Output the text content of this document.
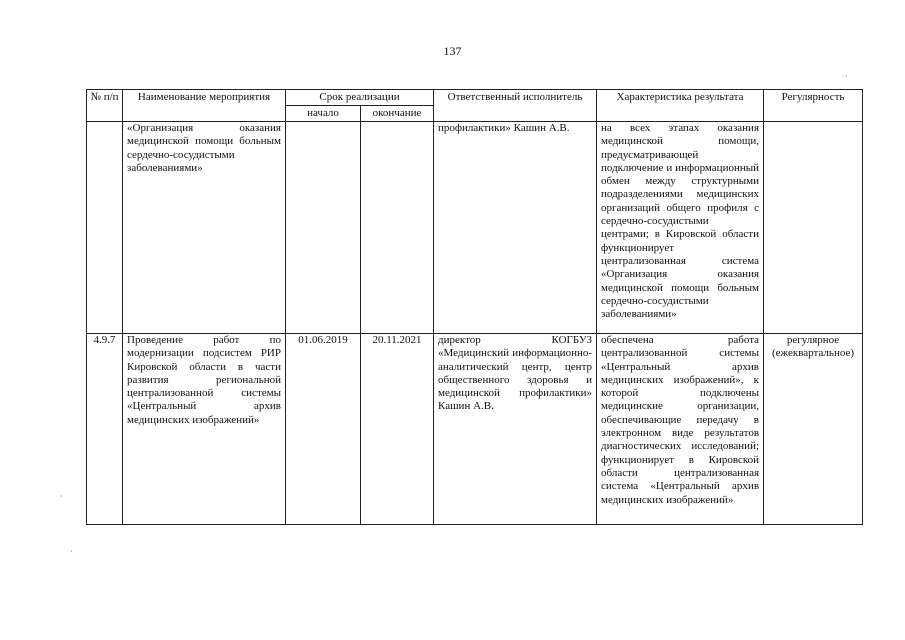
137
№ п/п	Наименование мероприятия	Срок реализации		Ответственный исполнитель	Характеристика результата	Регулярность
		начало	окончание			
	«Организация оказания медицинской помощи больным сердечно-сосудистыми заболеваниями»			профилактики» Кашин А.В.	на всех этапах оказания медицинской помощи, предусматривающей подключение и информационный обмен между структурными подразделениями медицинских организаций общего профиля с сердечно-сосудистыми центрами; в Кировской области функционирует централизованная система «Организация оказания медицинской помощи больным сердечно-сосудистыми заболеваниями»	
4.9.7	Проведение работ по модернизации подсистем РИР Кировской области в части развития региональной централизованной системы «Центральный архив медицинских изображений»	01.06.2019	20.11.2021	директор КОГБУЗ «Медицинский информационно-аналитический центр, центр общественного здоровья и медицинской профилактики» Кашин А.В.	обеспечена работа централизованной системы «Центральный архив медицинских изображений», к которой подключены медицинские организации, обеспечивающие передачу в электронном виде результатов диагностических исследований; функционирует в Кировской области централизованная система «Центральный архив медицинских изображений»	регулярное (ежеквартальное)
·
·
·
